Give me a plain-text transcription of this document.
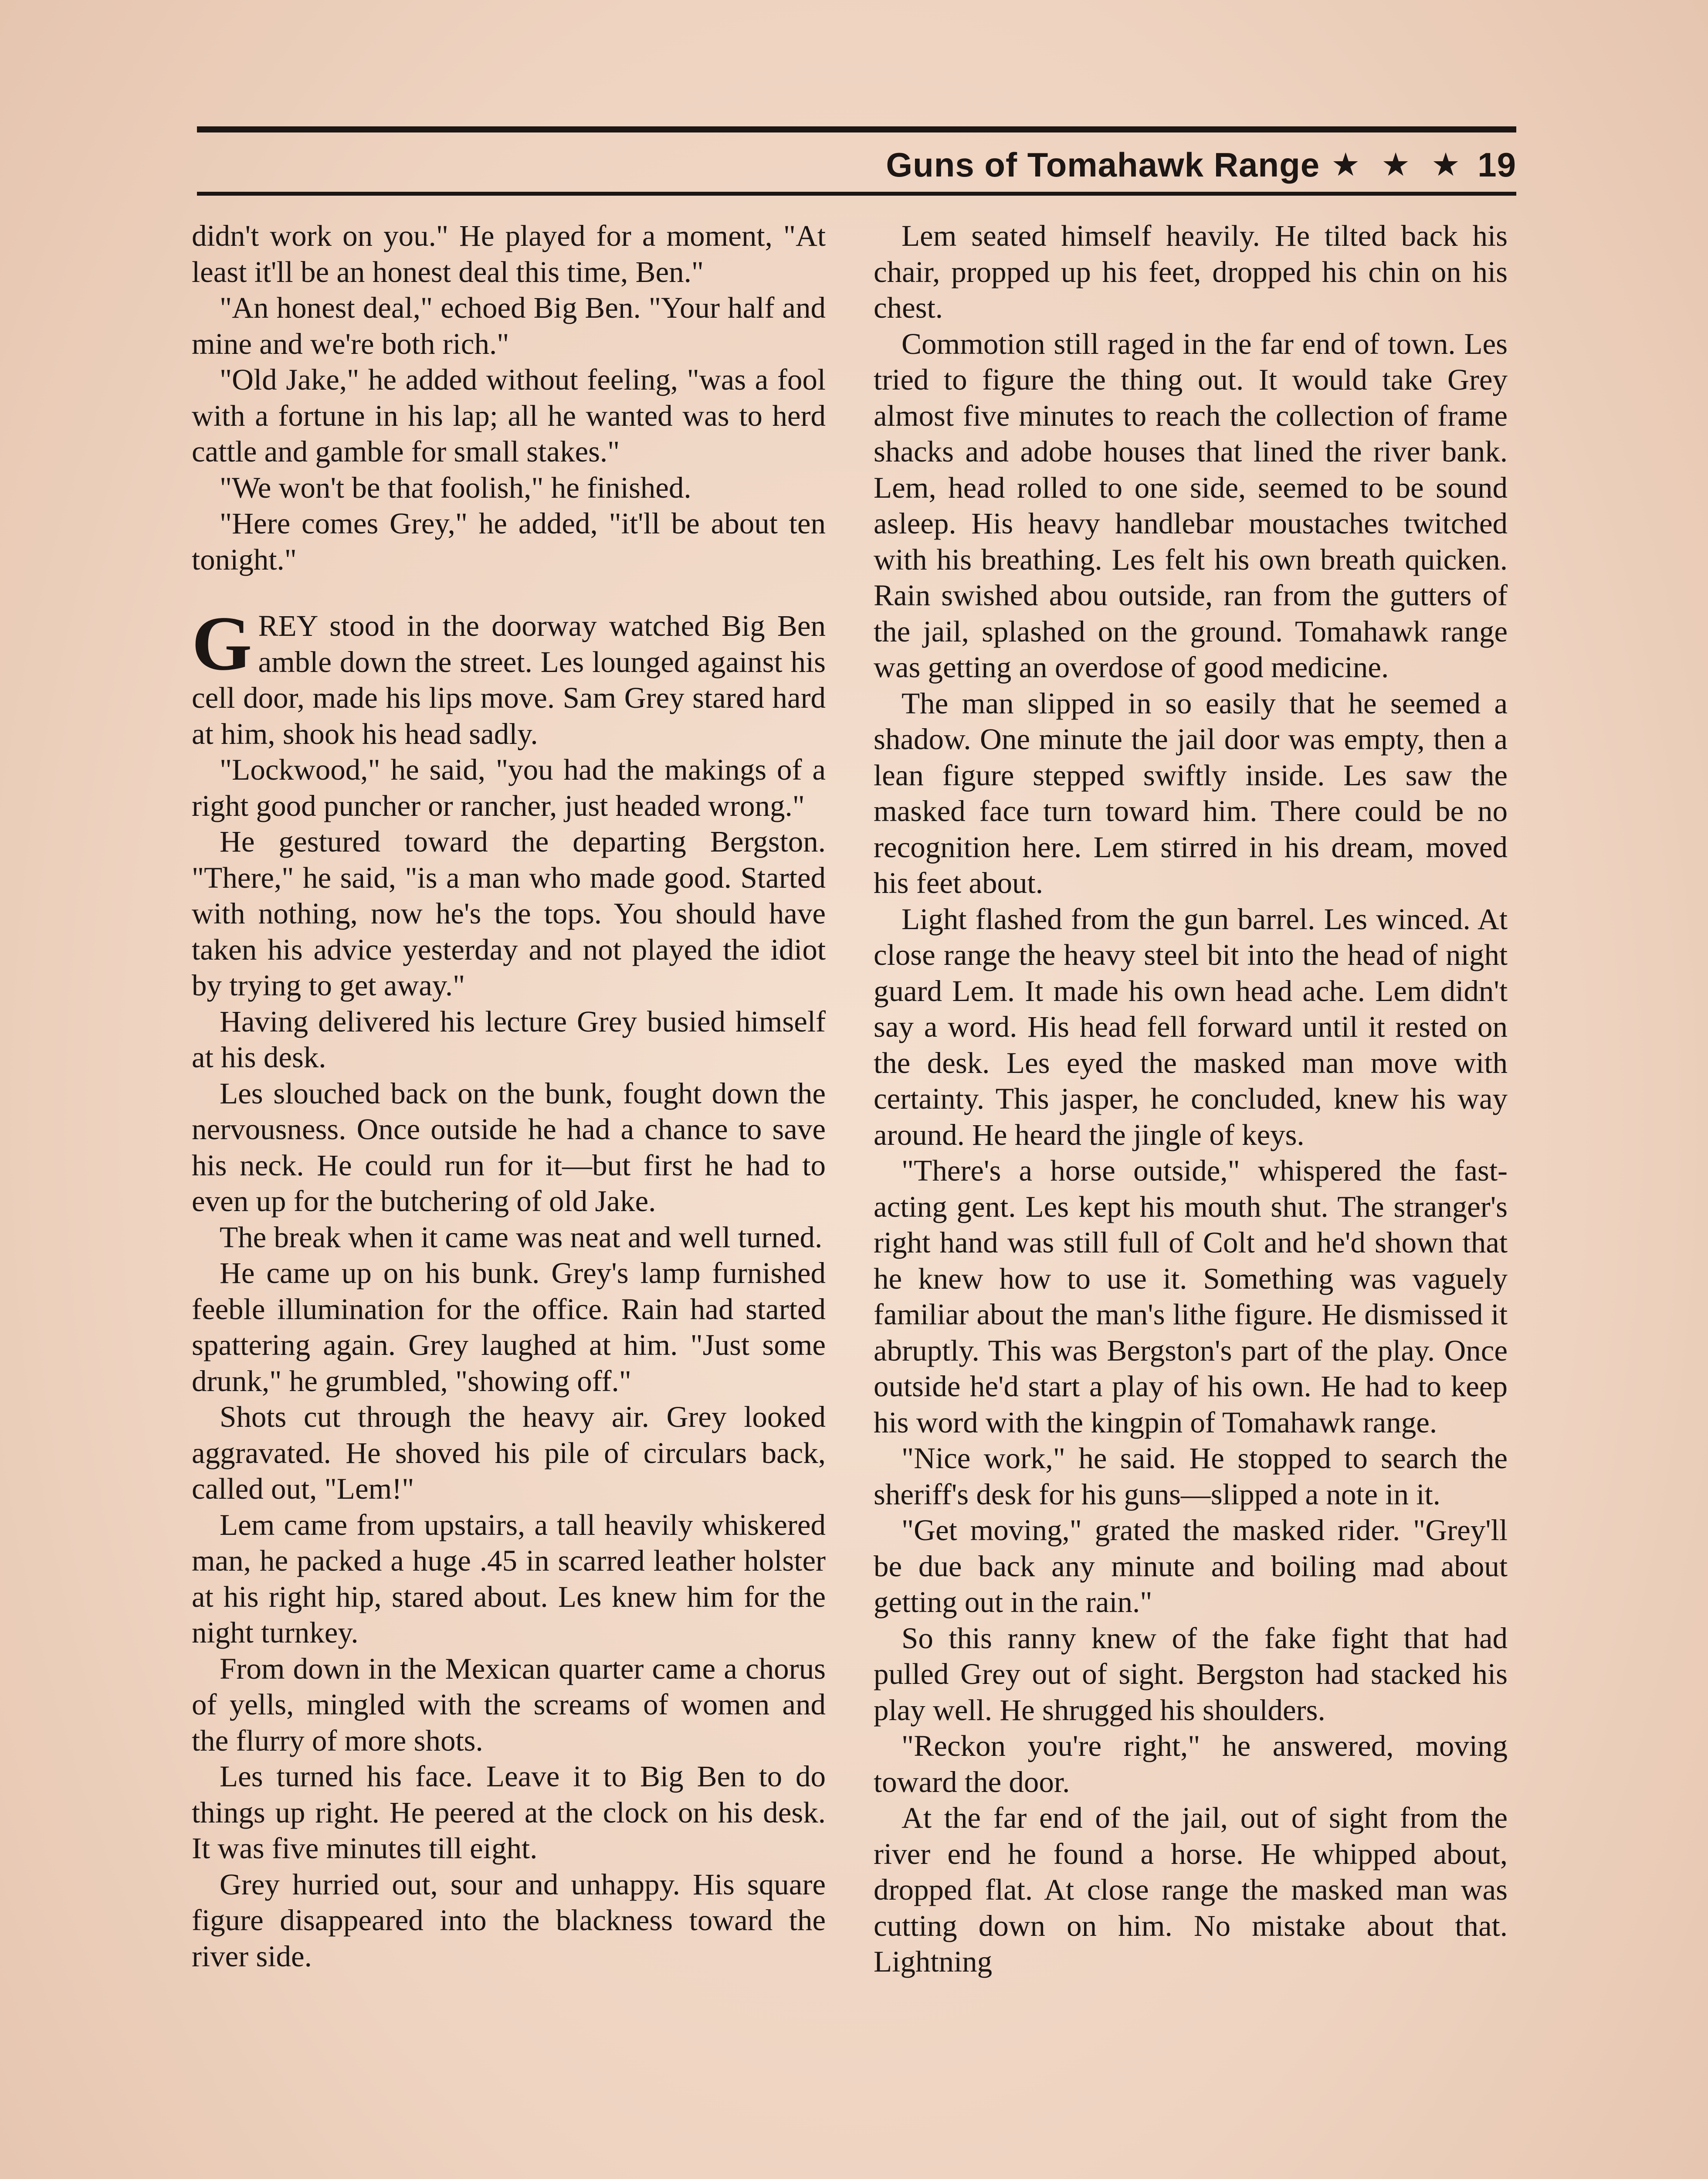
Guns of Tomahawk Range ★ ★ ★ 19

didn't work on you." He played for a moment, "At least it'll be an honest deal this time, Ben."

"An honest deal," echoed Big Ben. "Your half and mine and we're both rich."

"Old Jake," he added without feeling, "was a fool with a fortune in his lap; all he wanted was to herd cattle and gamble for small stakes."

"We won't be that foolish," he finished.

"Here comes Grey," he added, "it'll be about ten tonight."

GREY stood in the doorway watched Big Ben amble down the street. Les lounged against his cell door, made his lips move. Sam Grey stared hard at him, shook his head sadly.

"Lockwood," he said, "you had the makings of a right good puncher or rancher, just headed wrong."

He gestured toward the departing Bergston. "There," he said, "is a man who made good. Started with nothing, now he's the tops. You should have taken his advice yesterday and not played the idiot by trying to get away."

Having delivered his lecture Grey busied himself at his desk.

Les slouched back on the bunk, fought down the nervousness. Once outside he had a chance to save his neck. He could run for it—but first he had to even up for the butchering of old Jake.

The break when it came was neat and well turned.

He came up on his bunk. Grey's lamp furnished feeble illumination for the office. Rain had started spattering again. Grey laughed at him. "Just some drunk," he grumbled, "showing off."

Shots cut through the heavy air. Grey looked aggravated. He shoved his pile of circulars back, called out, "Lem!"

Lem came from upstairs, a tall heavily whiskered man, he packed a huge .45 in scarred leather holster at his right hip, stared about. Les knew him for the night turnkey.

From down in the Mexican quarter came a chorus of yells, mingled with the screams of women and the flurry of more shots.

Les turned his face. Leave it to Big Ben to do things up right. He peered at the clock on his desk. It was five minutes till eight.

Grey hurried out, sour and unhappy. His square figure disappeared into the blackness toward the river side.

Lem seated himself heavily. He tilted back his chair, propped up his feet, dropped his chin on his chest.

Commotion still raged in the far end of town. Les tried to figure the thing out. It would take Grey almost five minutes to reach the collection of frame shacks and adobe houses that lined the river bank. Lem, head rolled to one side, seemed to be sound asleep. His heavy handlebar moustaches twitched with his breathing. Les felt his own breath quicken. Rain swished abou outside, ran from the gutters of the jail, splashed on the ground. Tomahawk range was getting an overdose of good medicine.

The man slipped in so easily that he seemed a shadow. One minute the jail door was empty, then a lean figure stepped swiftly inside. Les saw the masked face turn toward him. There could be no recognition here. Lem stirred in his dream, moved his feet about.

Light flashed from the gun barrel. Les winced. At close range the heavy steel bit into the head of night guard Lem. It made his own head ache. Lem didn't say a word. His head fell forward until it rested on the desk. Les eyed the masked man move with certainty. This jasper, he concluded, knew his way around. He heard the jingle of keys.

"There's a horse outside," whispered the fast-acting gent. Les kept his mouth shut. The stranger's right hand was still full of Colt and he'd shown that he knew how to use it. Something was vaguely familiar about the man's lithe figure. He dismissed it abruptly. This was Bergston's part of the play. Once outside he'd start a play of his own. He had to keep his word with the kingpin of Tomahawk range.

"Nice work," he said. He stopped to search the sheriff's desk for his guns—slipped a note in it.

"Get moving," grated the masked rider. "Grey'll be due back any minute and boiling mad about getting out in the rain."

So this ranny knew of the fake fight that had pulled Grey out of sight. Bergston had stacked his play well. He shrugged his shoulders.

"Reckon you're right," he answered, moving toward the door.

At the far end of the jail, out of sight from the river end he found a horse. He whipped about, dropped flat. At close range the masked man was cutting down on him. No mistake about that. Lightning
